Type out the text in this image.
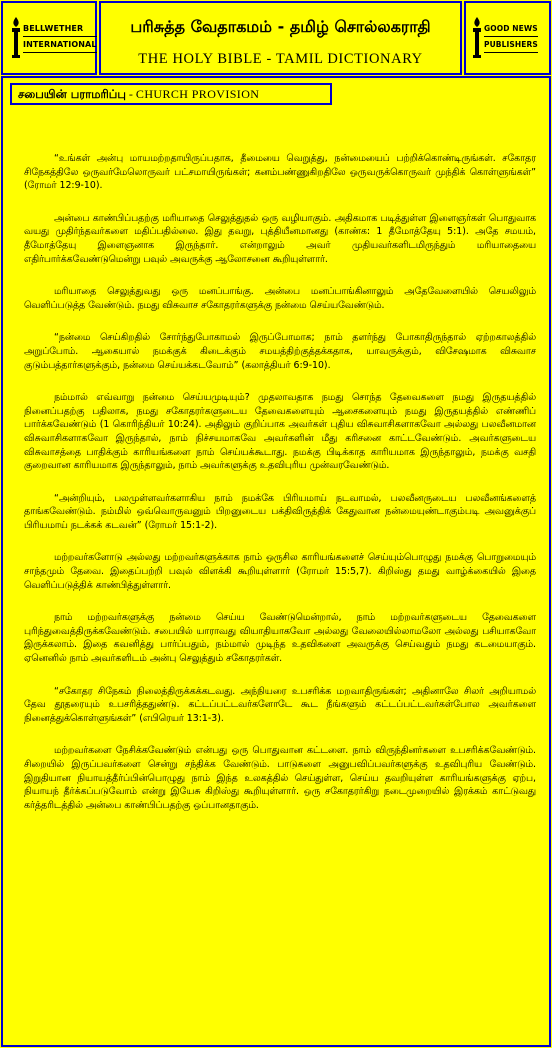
BELLWETHER
INTERNATIONAL
பரிசுத்த வேதாகமம் - தமிழ் சொல்லகராதி
THE HOLY BIBLE - TAMIL DICTIONARY
GOOD NEWS
PUBLISHERS
சபையின் பராமரிப்பு - CHURCH PROVISION

“உங்கள் அன்பு மாயமற்றதாயிருப்பதாக, தீமையை வெறுத்து, நன்மையைப் பற்றிக்கொண்டிருங்கள். சகோதர சிநேகத்திலே ஒருவர்மேலொருவர் பட்சமாயிருங்கள்; கனம்பண்ணுகிறதிலே ஒருவருக்கொருவர் முந்திக் கொள்ளுங்கள்” (ரோமர் 12:9-10).

அன்பை காண்பிப்பதற்கு மரியாதை செலுத்துதல் ஒரு வழியாகும். அதிகமாக படித்துள்ள இளைஞர்கள் பொதுவாக வயது முதிர்ந்தவர்களை மதிப்பதில்லை. இது தவறு, புத்தியீனமானது (காண்க: 1 தீமோத்தேயு 5:1). அதே சமயம், தீமோத்தேயு இளைஞனாக இருந்தார். என்றாலும் அவர் முதியவர்களிடமிருந்தும் மரியாதையை எதிர்பார்க்கவேண்டுமென்று பவுல் அவருக்கு ஆலோசனை கூறியுள்ளார்.

மரியாதை செலுத்துவது ஒரு மனப்பாங்கு. அன்பை மனப்பாங்கினாலும் அதேவேளையில் செயலிலும் வெளிப்படுத்த வேண்டும். நமது விசுவாச சகோதரர்களுக்கு நன்மை செய்யவேண்டும்.

“நன்மை செய்கிறதில் சோர்ந்துபோகாமல் இருப்போமாக; நாம் தளர்ந்து போகாதிருந்தால் ஏற்றகாலத்தில் அறுப்போம். ஆகையால் நமக்குக் கிடைக்கும் சமயத்திற்குத்தக்கதாக, யாவருக்கும், விசேஷமாக விசுவாச குடும்பத்தார்களுக்கும், நன்மை செய்யக்கடவோம்” (கலாத்தியர் 6:9-10).

நம்மால் எவ்வாறு நன்மை செய்யமுடியும்? முதலாவதாக நமது சொந்த தேவைகளை நமது இருதயத்தில் நினைப்பதற்கு பதிலாக, நமது சகோதரர்களுடைய தேவைகளையும் ஆசைகளையும் நமது இருதயத்தில் எண்ணிப் பார்க்கவேண்டும் (1 கொரிந்தியர் 10:24). அதிலும் குறிப்பாக அவர்கள் புதிய விசுவாசிகளாகவோ அல்லது பலவீனமான விசுவாசிகளாகவோ இருந்தால், நாம் நிச்சயமாகவே அவர்களின் மீது கரிசனை காட்டவேண்டும். அவர்களுடைய விசுவாசத்தை பாதிக்கும் காரியங்களை நாம் செய்யக்கூடாது. நமக்கு பிடிக்காத காரியமாக இருந்தாலும், நமக்கு வசதி குறைவான காரியமாக இருந்தாலும், நாம் அவர்களுக்கு உதவிபுரிய முன்வரவேண்டும்.

“அன்றியும், பலமுள்ளவர்களாகிய நாம் நமக்கே பிரியமாய் நடவாமல், பலவீனருடைய பலவீனங்களைத் தாங்கவேண்டும். நம்மில் ஒவ்வொருவனும் பிறனுடைய பக்திவிருத்திக் கேதுவான நன்மையுண்டாகும்படி அவனுக்குப் பிரியமாய் நடக்கக் கடவன்” (ரோமர் 15:1-2).

மற்றவர்களோடு அல்லது மற்றவர்களுக்காக நாம் ஒருசில காரியங்களைச் செய்யும்பொழுது நமக்கு பொறுமையும் சாந்தமும் தேவை. இதைப்பற்றி பவுல் விளக்கி கூறியுள்ளார் (ரோமர் 15:5,7). கிறிஸ்து தமது வாழ்க்கையில் இதை வெளிப்படுத்திக் காண்பித்துள்ளார்.

நாம் மற்றவர்களுக்கு நன்மை செய்ய வேண்டுமென்றால், நாம் மற்றவர்களுடைய தேவைகளை புரிந்துவைத்திருக்கவேண்டும். சபையில் யாராவது வியாதியாகவோ அல்லது வேலையில்லாமலோ அல்லது பசியாகவோ இருக்கலாம். இதை கவனித்து பார்ப்பதும், நம்மால் முடிந்த உதவிகளை அவருக்கு செய்வதும் நமது கடமையாகும். ஏனெனில் நாம் அவர்களிடம் அன்பு செலுத்தும் சகோதரர்கள்.

“சகோதர சிநேகம் நிலைத்திருக்கக்கடவது. அந்நியரை உபசரிக்க மறவாதிருங்கள்; அதினாலே சிலர் அறியாமல் தேவ தூதரையும் உபசரித்ததுண்டு. கட்டப்பட்டவர்களோடே கூட நீங்களும் கட்டப்பட்டவர்கள்போல அவர்களை நினைத்துக்கொள்ளுங்கள்” (எபிரெயர் 13:1-3).

மற்றவர்களை நேசிக்கவேண்டும் என்பது ஒரு பொதுவான கட்டளை. நாம் விருந்தினர்களை உபசரிக்கவேண்டும். சிறையில் இருப்பவர்களை சென்று சந்திக்க வேண்டும். பாடுகளை அனுபவிப்பவர்களுக்கு உதவிபுரிய வேண்டும். இறுதியான நியாயத்தீர்ப்பின்பொழுது நாம் இந்த உலகத்தில் செய்துள்ள, செய்ய தவறியுள்ள காரியங்களுக்கு ஏற்ப, நியாயந் தீர்க்கப்படுவோம் என்று இயேசு கிறிஸ்து கூறியுள்ளார். ஒரு சகோதரர்கிறு நடைமுறையில் இரக்கம் காட்டுவது கர்த்தரிடத்தில் அன்பை காண்பிப்பதற்கு ஒப்பானதாகும்.
